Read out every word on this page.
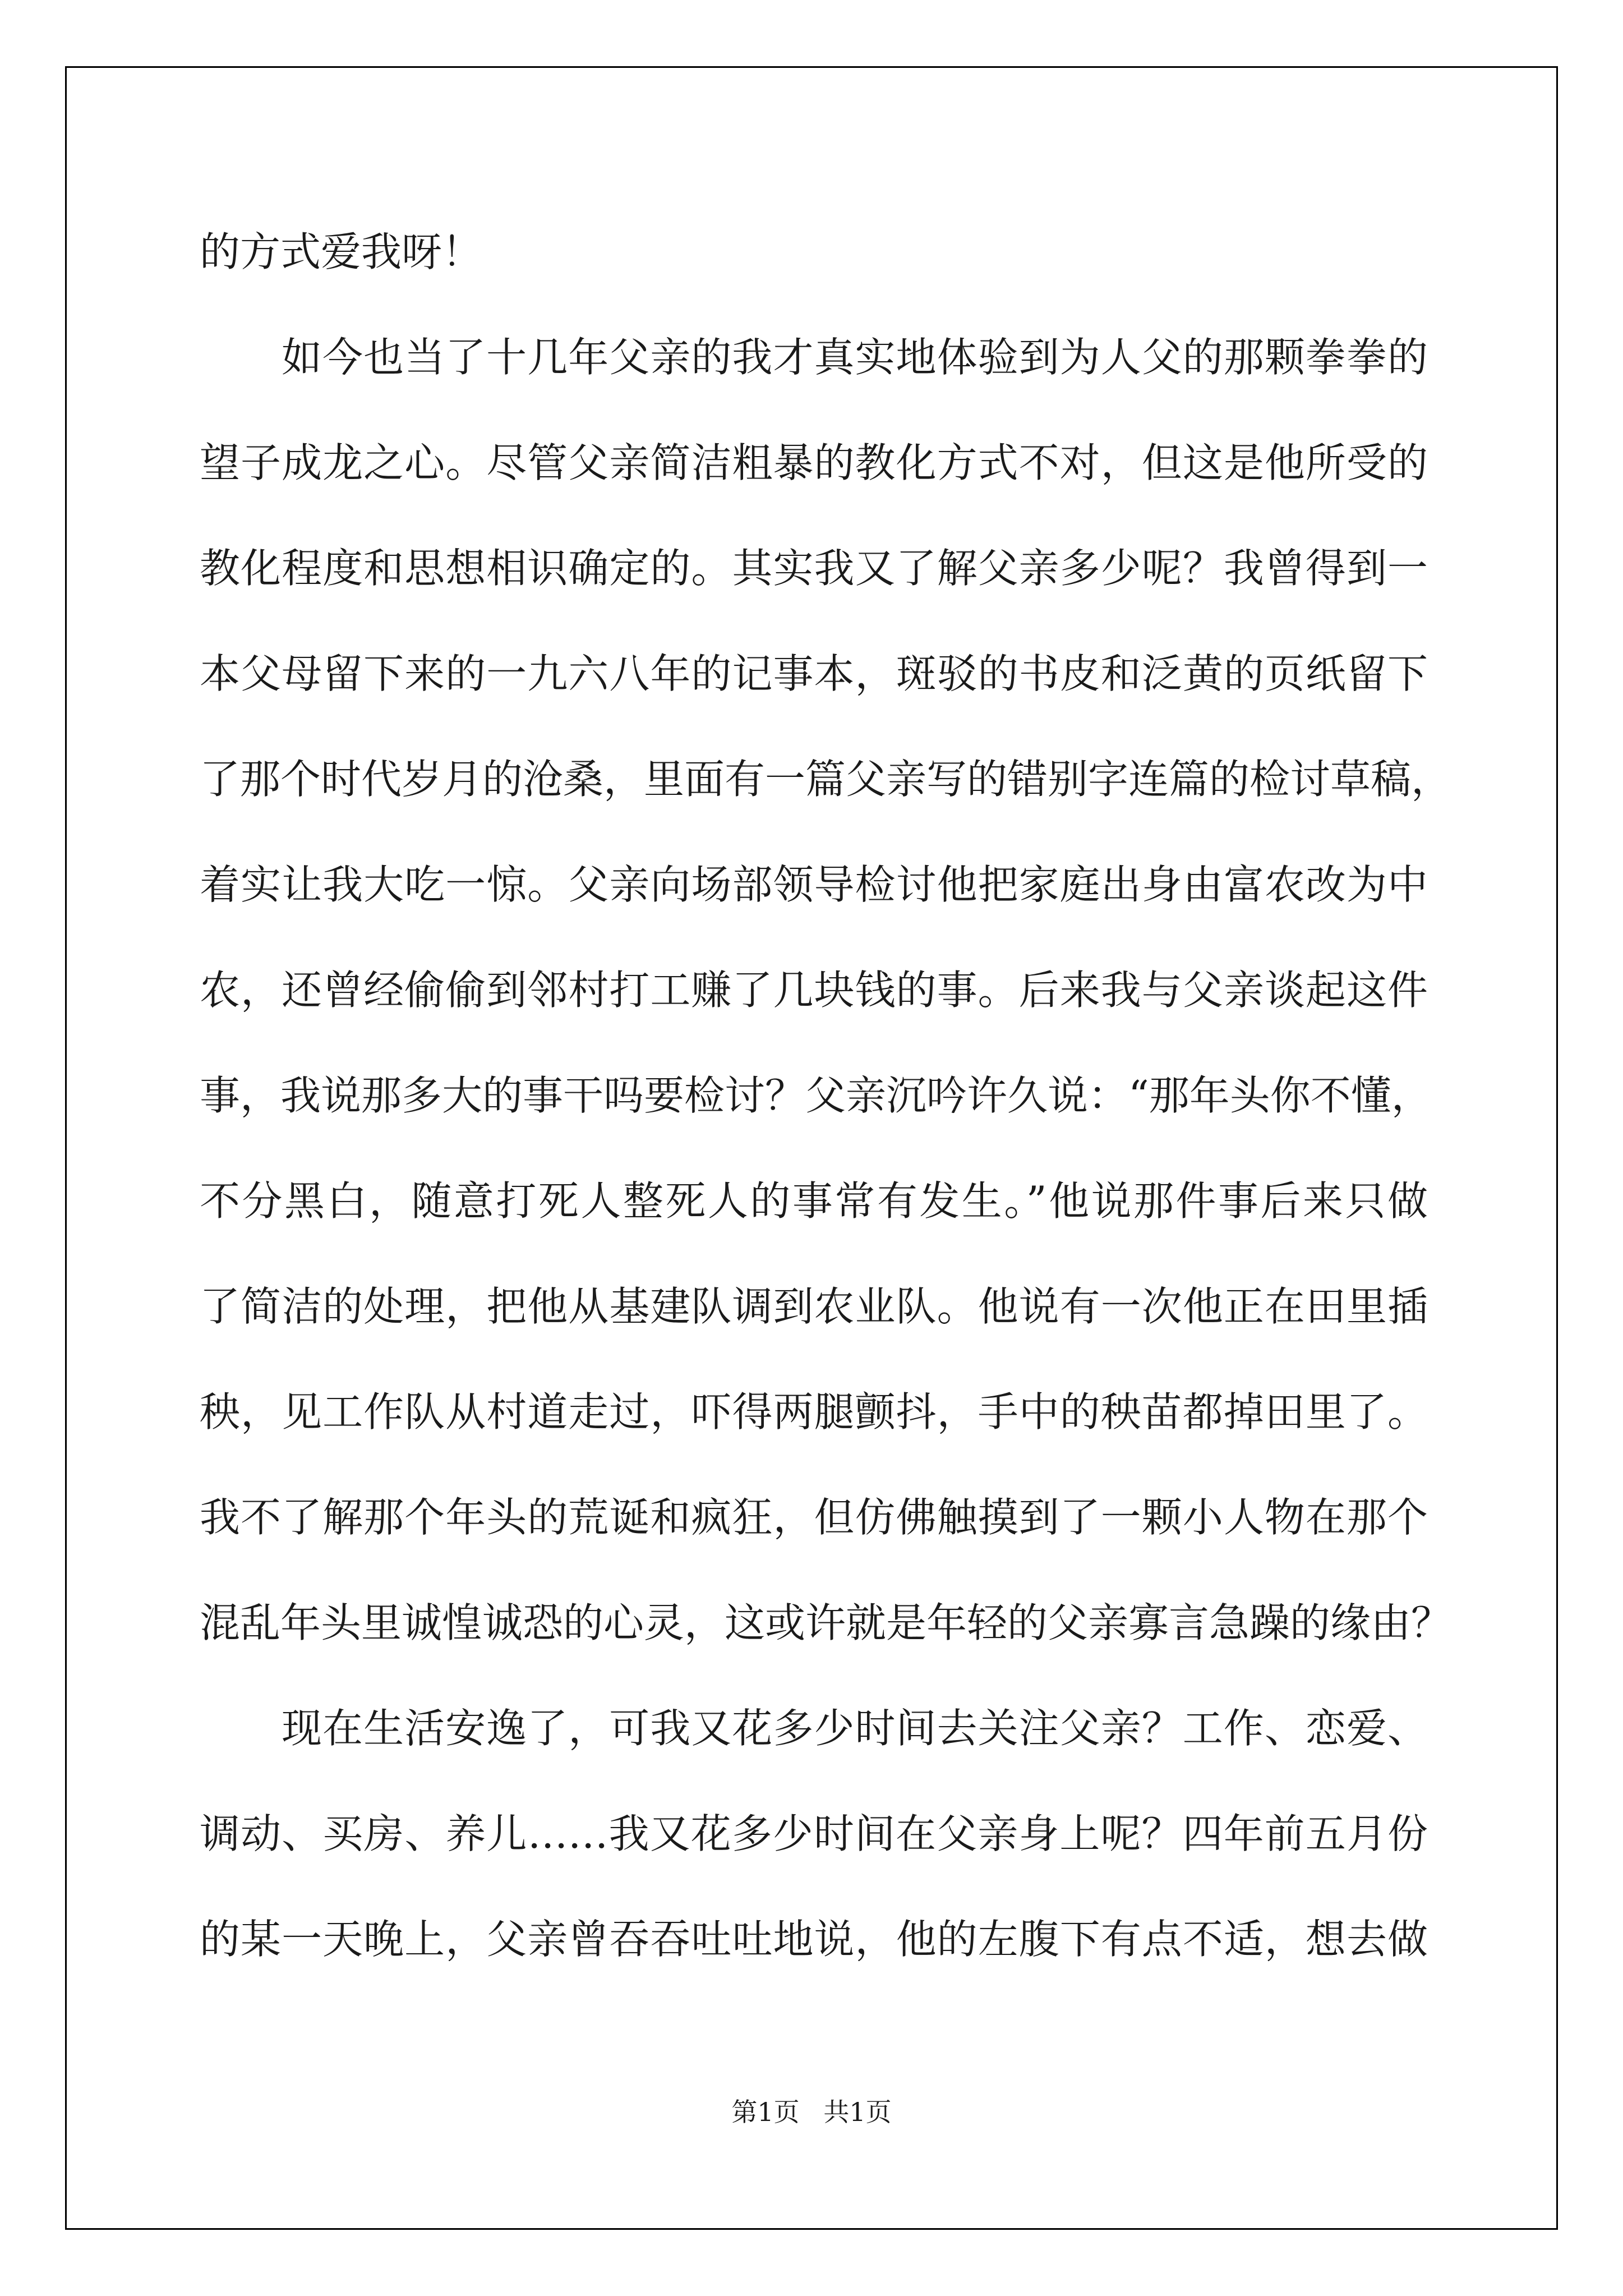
的方式爱我呀！
如今也当了十几年父亲的我才真实地体验到为人父的那颗拳拳的
望子成龙之心。尽管父亲简洁粗暴的教化方式不对，但这是他所受的
教化程度和思想相识确定的。其实我又了解父亲多少呢？我曾得到一
本父母留下来的一九六八年的记事本，斑驳的书皮和泛黄的页纸留下
了那个时代岁月的沧桑，里面有一篇父亲写的错别字连篇的检讨草稿，
着实让我大吃一惊。父亲向场部领导检讨他把家庭出身由富农改为中
农，还曾经偷偷到邻村打工赚了几块钱的事。后来我与父亲谈起这件
事，我说那多大的事干吗要检讨？父亲沉吟许久说：“那年头你不懂，
不分黑白，随意打死人整死人的事常有发生。”他说那件事后来只做
了简洁的处理，把他从基建队调到农业队。他说有一次他正在田里插
秧，见工作队从村道走过，吓得两腿颤抖，手中的秧苗都掉田里了。
我不了解那个年头的荒诞和疯狂，但仿佛触摸到了一颗小人物在那个
混乱年头里诚惶诚恐的心灵，这或许就是年轻的父亲寡言急躁的缘由？
现在生活安逸了，可我又花多少时间去关注父亲？工作、恋爱、
调动、买房、养儿……我又花多少时间在父亲身上呢？四年前五月份
的某一天晚上，父亲曾吞吞吐吐地说，他的左腹下有点不适，想去做
第1页 共1页
